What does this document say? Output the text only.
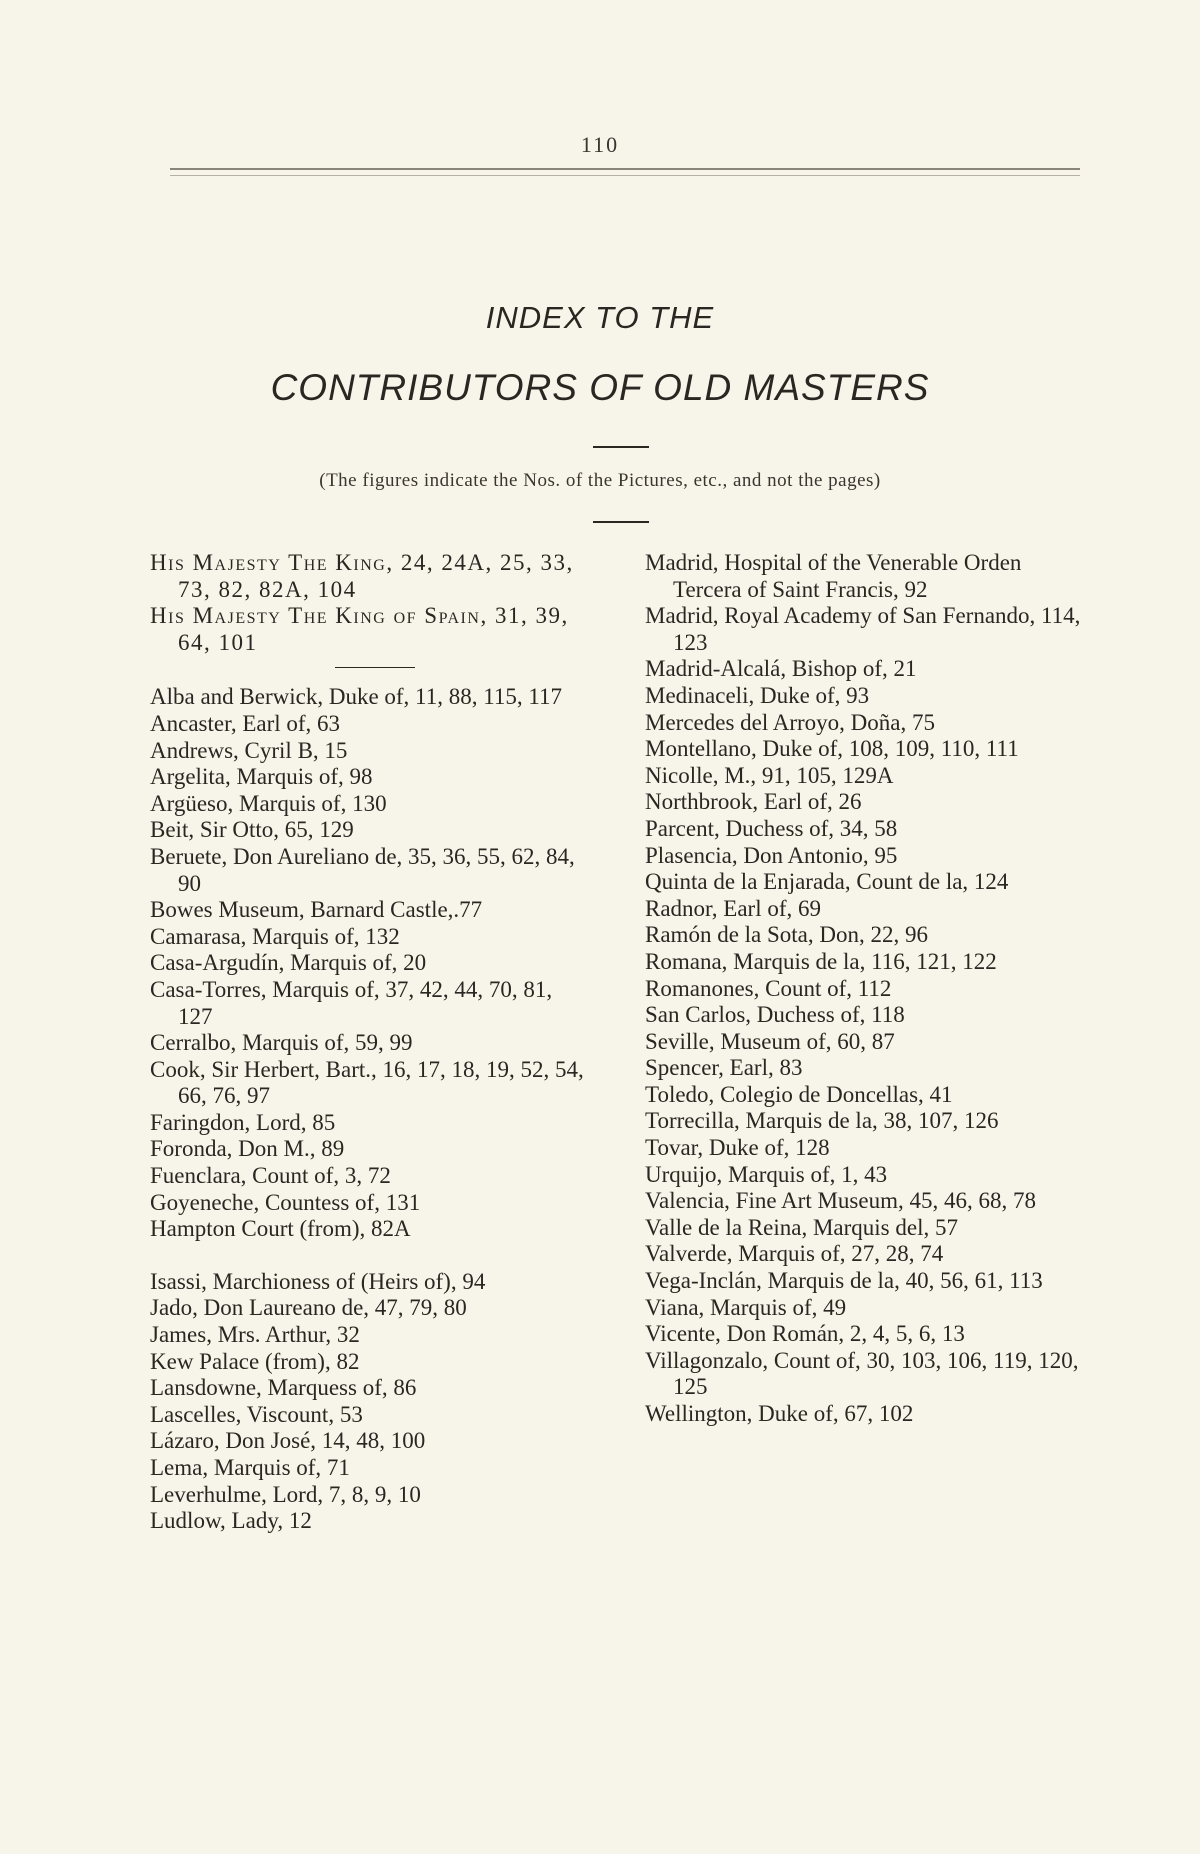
110
INDEX TO THE
CONTRIBUTORS OF OLD MASTERS
(The figures indicate the Nos. of the Pictures, etc., and not the pages)
His Majesty The King, 24, 24A, 25, 33, 73, 82, 82A, 104
His Majesty The King of Spain, 31, 39, 64, 101
Alba and Berwick, Duke of, 11, 88, 115, 117
Ancaster, Earl of, 63
Andrews, Cyril B, 15
Argelita, Marquis of, 98
Argüeso, Marquis of, 130
Beit, Sir Otto, 65, 129
Beruete, Don Aureliano de, 35, 36, 55, 62, 84, 90
Bowes Museum, Barnard Castle,.77
Camarasa, Marquis of, 132
Casa-Argudín, Marquis of, 20
Casa-Torres, Marquis of, 37, 42, 44, 70, 81, 127
Cerralbo, Marquis of, 59, 99
Cook, Sir Herbert, Bart., 16, 17, 18, 19, 52, 54, 66, 76, 97
Faringdon, Lord, 85
Foronda, Don M., 89
Fuenclara, Count of, 3, 72
Goyeneche, Countess of, 131
Hampton Court (from), 82A
Isassi, Marchioness of (Heirs of), 94
Jado, Don Laureano de, 47, 79, 80
James, Mrs. Arthur, 32
Kew Palace (from), 82
Lansdowne, Marquess of, 86
Lascelles, Viscount, 53
Lázaro, Don José, 14, 48, 100
Lema, Marquis of, 71
Leverhulme, Lord, 7, 8, 9, 10
Ludlow, Lady, 12
Madrid, Hospital of the Venerable Orden Tercera of Saint Francis, 92
Madrid, Royal Academy of San Fernando, 114, 123
Madrid-Alcalá, Bishop of, 21
Medinaceli, Duke of, 93
Mercedes del Arroyo, Doña, 75
Montellano, Duke of, 108, 109, 110, 111
Nicolle, M., 91, 105, 129A
Northbrook, Earl of, 26
Parcent, Duchess of, 34, 58
Plasencia, Don Antonio, 95
Quinta de la Enjarada, Count de la, 124
Radnor, Earl of, 69
Ramón de la Sota, Don, 22, 96
Romana, Marquis de la, 116, 121, 122
Romanones, Count of, 112
San Carlos, Duchess of, 118
Seville, Museum of, 60, 87
Spencer, Earl, 83
Toledo, Colegio de Doncellas, 41
Torrecilla, Marquis de la, 38, 107, 126
Tovar, Duke of, 128
Urquijo, Marquis of, 1, 43
Valencia, Fine Art Museum, 45, 46, 68, 78
Valle de la Reina, Marquis del, 57
Valverde, Marquis of, 27, 28, 74
Vega-Inclán, Marquis de la, 40, 56, 61, 113
Viana, Marquis of, 49
Vicente, Don Román, 2, 4, 5, 6, 13
Villagonzalo, Count of, 30, 103, 106, 119, 120, 125
Wellington, Duke of, 67, 102
